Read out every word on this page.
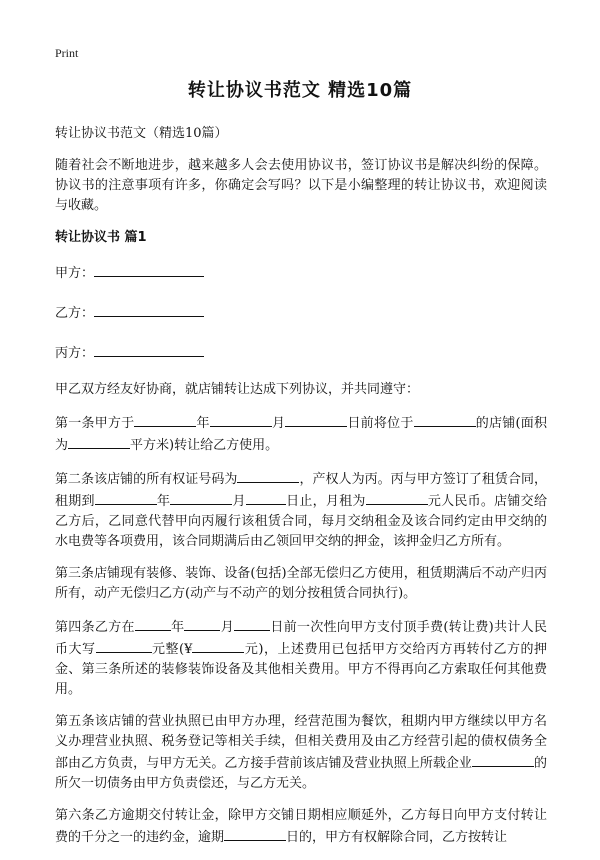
Print
转让协议书范文 精选10篇

转让协议书范文（精选10篇）

随着社会不断地进步，越来越多人会去使用协议书，签订协议书是解决纠纷的保障。协议书的注意事项有许多，你确定会写吗？以下是小编整理的转让协议书，欢迎阅读与收藏。

转让协议书 篇1

甲方：

乙方：

丙方：

甲乙双方经友好协商，就店铺转让达成下列协议，并共同遵守：

第一条甲方于	年	月	日前将位于	的店铺(面积为	平方米)转让给乙方使用。

第二条该店铺的所有权证号码为	，产权人为丙。丙与甲方签订了租赁合同，租期到	年	月	日止，月租为	元人民币。店铺交给乙方后，乙同意代替甲向丙履行该租赁合同，每月交纳租金及该合同约定由甲交纳的水电费等各项费用，该合同期满后由乙领回甲交纳的押金，该押金归乙方所有。

第三条店铺现有装修、装饰、设备(包括)全部无偿归乙方使用，租赁期满后不动产归丙所有，动产无偿归乙方(动产与不动产的划分按租赁合同执行)。

第四条乙方在	年	月	日前一次性向甲方支付顶手费(转让费)共计人民币大写	元整(¥	元)，上述费用已包括甲方交给丙方再转付乙方的押金、第三条所述的装修装饰设备及其他相关费用。甲方不得再向乙方索取任何其他费用。

第五条该店铺的营业执照已由甲方办理，经营范围为餐饮，租期内甲方继续以甲方名义办理营业执照、税务登记等相关手续，但相关费用及由乙方经营引起的债权债务全部由乙方负责，与甲方无关。乙方接手营前该店铺及营业执照上所载企业	的所欠一切债务由甲方负责偿还，与乙方无关。

第六条乙方逾期交付转让金，除甲方交铺日期相应顺延外，乙方每日向甲方支付转让费的千分之一的违约金，逾期	日的，甲方有权解除合同，乙方按转让
